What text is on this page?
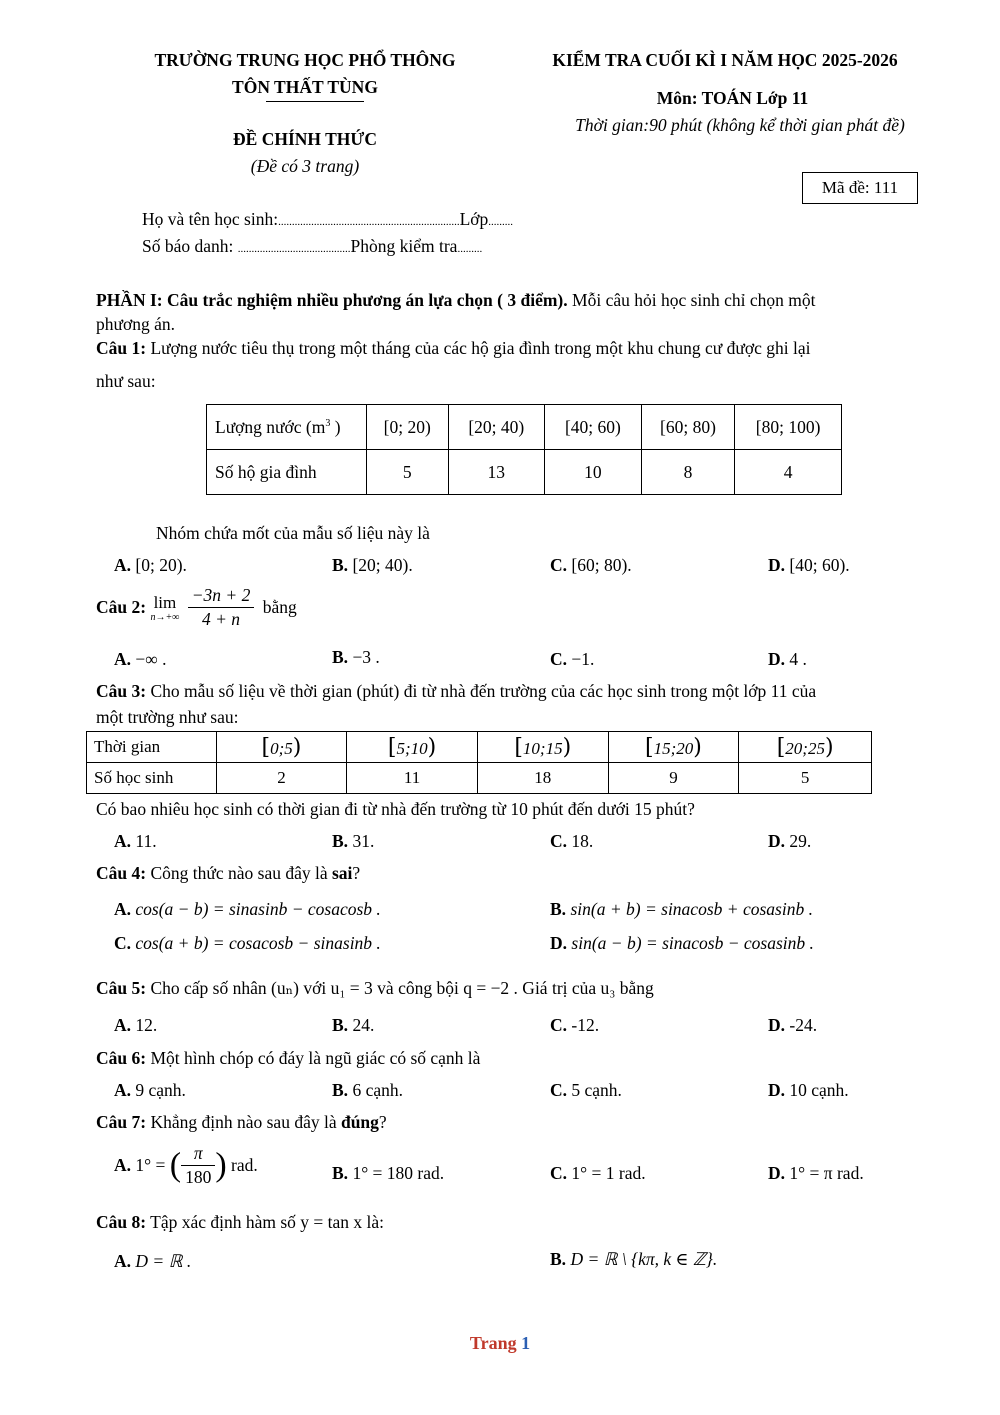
TRƯỜNG TRUNG HỌC PHỔ THÔNG
TÔN THẤT TÙNG
ĐỀ CHÍNH THỨC
(Đề có 3 trang)
KIỂM TRA CUỐI KÌ I NĂM HỌC 2025-2026
Môn: TOÁN Lớp 11
Thời gian:90 phút (không kể thời gian phát đề)
Mã đề: 111
Họ và tên học sinh:..................................................................Lớp.........
Số báo danh: .........................................Phòng kiểm tra.........
PHẦN I: Câu trắc nghiệm nhiều phương án lựa chọn ( 3 điểm). Mỗi câu hỏi học sinh chỉ chọn một
phương án.
Câu 1: Lượng nước tiêu thụ trong một tháng của các hộ gia đình trong một khu chung cư được ghi lại
như sau:
Lượng nước ($m^3$ )	[0; 20)	[20; 40)	[40; 60)	[60; 80)	[80; 100)
Số hộ gia đình	5	13	10	8	4
Nhóm chứa mốt của mẫu số liệu này là
A. [0; 20).	B. [20; 40).	C. [60; 80).	D. [40; 60).
Câu 2: lim
n→+∞
$\frac{-3n + 2}{4 + n}$ bằng
A. −∞ .	B. −3 .	C. −1.	D. 4 .
Câu 3: Cho mẫu số liệu về thời gian (phút) đi từ nhà đến trường của các học sinh trong một lớp 11 của
một trường như sau:
Thời gian	[0;5)	[5;10)	[10;15)	[15;20)	[20;25)
Số học sinh	2	11	18	9	5
Có bao nhiêu học sinh có thời gian đi từ nhà đến trường từ 10 phút đến dưới 15 phút?
A. 11.	B. 31.	C. 18.	D. 29.
Câu 4: Công thức nào sau đây là sai?
A. cos(a − b) = sinasinb − cosacosb .	B. sin(a + b) = sinacosb + cosasinb .
C. cos(a + b) = cosacosb − sinasinb .	D. sin(a − b) = sinacosb − cosasinb .
Câu 5: Cho cấp số nhân (uₙ) với u₁ = 3 và công bội q = −2 . Giá trị của u₃ bằng
A. 12.	B. 24.	C. -12.	D. -24.
Câu 6: Một hình chóp có đáy là ngũ giác có số cạnh là
A. 9 cạnh.	B. 6 cạnh.	C. 5 cạnh.	D. 10 cạnh.
Câu 7: Khẳng định nào sau đây là đúng?
A. 1° = ( $\frac{\pi}{180}$ ) rad.	B. 1° = 180 rad.	C. 1° = 1 rad.	D. 1° = π rad.
Câu 8: Tập xác định hàm số y = tan x là:
A. D = ℝ .	B. D = ℝ \ {kπ, k ∈ ℤ}.
Trang 1
